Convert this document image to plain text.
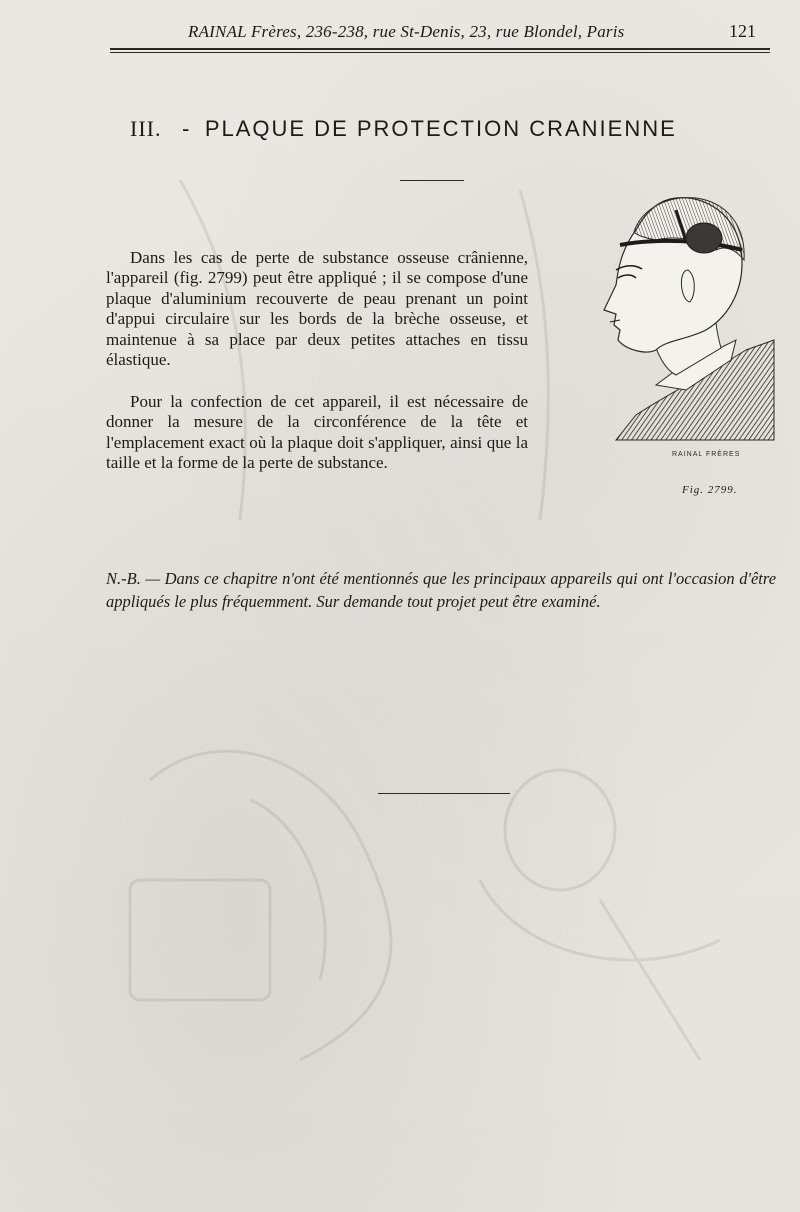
RAINAL Frères, 236-238, rue St-Denis, 23, rue Blondel, Paris	121
III. - PLAQUE DE PROTECTION CRANIENNE

Dans les cas de perte de substance osseuse crânienne, l'appareil (fig. 2799) peut être appliqué ; il se compose d'une plaque d'aluminium recouverte de peau prenant un point d'appui circulaire sur les bords de la brèche osseuse, et maintenue à sa place par deux petites attaches en tissu élastique.

Pour la confection de cet appareil, il est nécessaire de donner la mesure de la circonférence de la tête et l'emplacement exact où la plaque doit s'appliquer, ainsi que la taille et la forme de la perte de substance.	RAINAL FRÈRES
Fig. 2799.

N.-B. — Dans ce chapitre n'ont été mentionnés que les principaux appareils qui ont l'occasion d'être appliqués le plus fréquemment. Sur demande tout projet peut être examiné.
